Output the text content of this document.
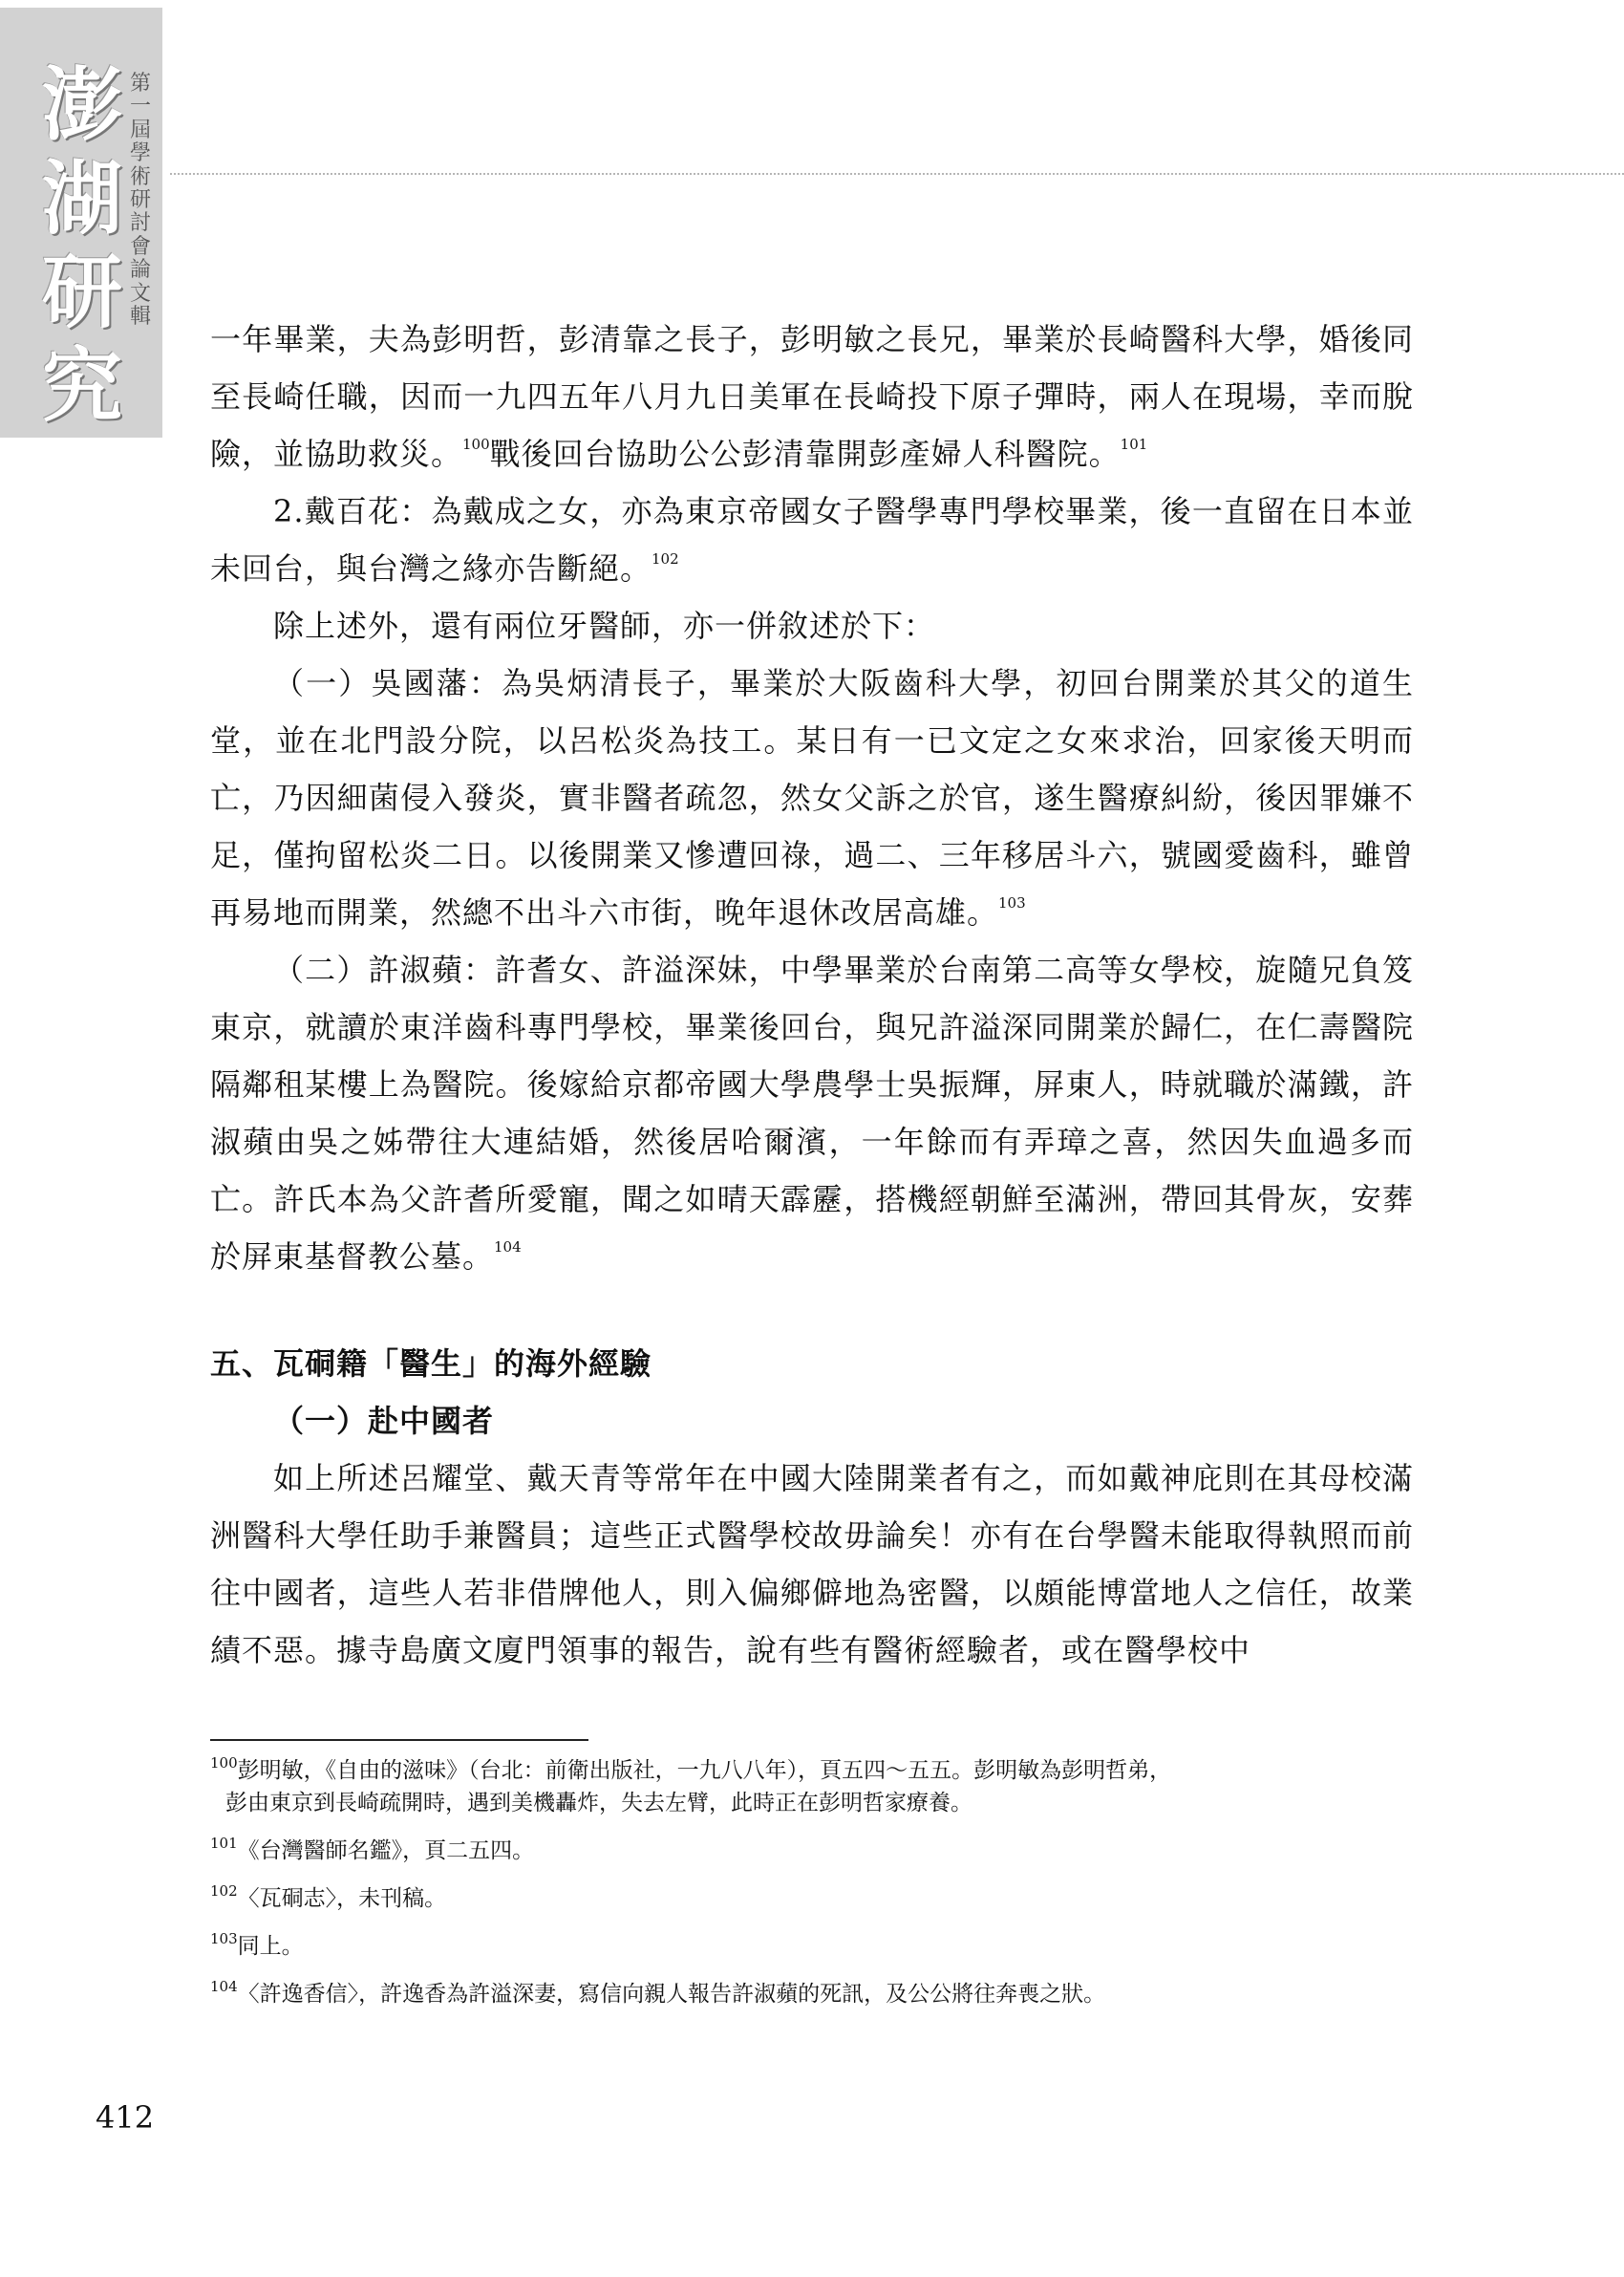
澎
湖
研
究
第
一
屆
學
術
研
討
會
論
文
輯

一年畢業，夫為彭明哲，彭清靠之長子，彭明敏之長兄，畢業於長崎醫科大學，婚後同至長崎任職，因而一九四五年八月九日美軍在長崎投下原子彈時，兩人在現場，幸而脫險，並協助救災。$^{100}$戰後回台協助公公彭清靠開彭產婦人科醫院。$^{101}$

2.戴百花：為戴成之女，亦為東京帝國女子醫學專門學校畢業，後一直留在日本並未回台，與台灣之緣亦告斷絕。$^{102}$

除上述外，還有兩位牙醫師，亦一併敘述於下：

（一）吳國藩：為吳炳清長子，畢業於大阪齒科大學，初回台開業於其父的道生堂，並在北門設分院，以呂松炎為技工。某日有一已文定之女來求治，回家後天明而亡，乃因細菌侵入發炎，實非醫者疏忽，然女父訴之於官，遂生醫療糾紛，後因罪嫌不足，僅拘留松炎二日。以後開業又慘遭回祿，過二、三年移居斗六，號國愛齒科，雖曾再易地而開業，然總不出斗六市街，晚年退休改居高雄。$^{103}$

（二）許淑蘋：許耆女、許溢深妹，中學畢業於台南第二高等女學校，旋隨兄負笈東京，就讀於東洋齒科專門學校，畢業後回台，與兄許溢深同開業於歸仁，在仁壽醫院隔鄰租某樓上為醫院。後嫁給京都帝國大學農學士吳振輝，屏東人，時就職於滿鐵，許淑蘋由吳之姊帶往大連結婚，然後居哈爾濱，一年餘而有弄璋之喜，然因失血過多而亡。許氏本為父許耆所愛寵，聞之如晴天霹靂，搭機經朝鮮至滿洲，帶回其骨灰，安葬於屏東基督教公墓。$^{104}$

五、瓦硐籍「醫生」的海外經驗
（一）赴中國者

如上所述呂耀堂、戴天青等常年在中國大陸開業者有之，而如戴神庇則在其母校滿洲醫科大學任助手兼醫員；這些正式醫學校故毋論矣！亦有在台學醫未能取得執照而前往中國者，這些人若非借牌他人，則入偏鄉僻地為密醫，以頗能博當地人之信任，故業績不惡。據寺島廣文廈門領事的報告，說有些有醫術經驗者，或在醫學校中

$^{100}$彭明敏，《自由的滋味》（台北：前衛出版社，一九八八年），頁五四～五五。彭明敏為彭明哲弟，
彭由東京到長崎疏開時，遇到美機轟炸，失去左臂，此時正在彭明哲家療養。

$^{101}$《台灣醫師名鑑》，頁二五四。

$^{102}$〈瓦硐志〉，未刊稿。

$^{103}$同上。

$^{104}$〈許逸香信〉，許逸香為許溢深妻，寫信向親人報告許淑蘋的死訊，及公公將往奔喪之狀。

412
